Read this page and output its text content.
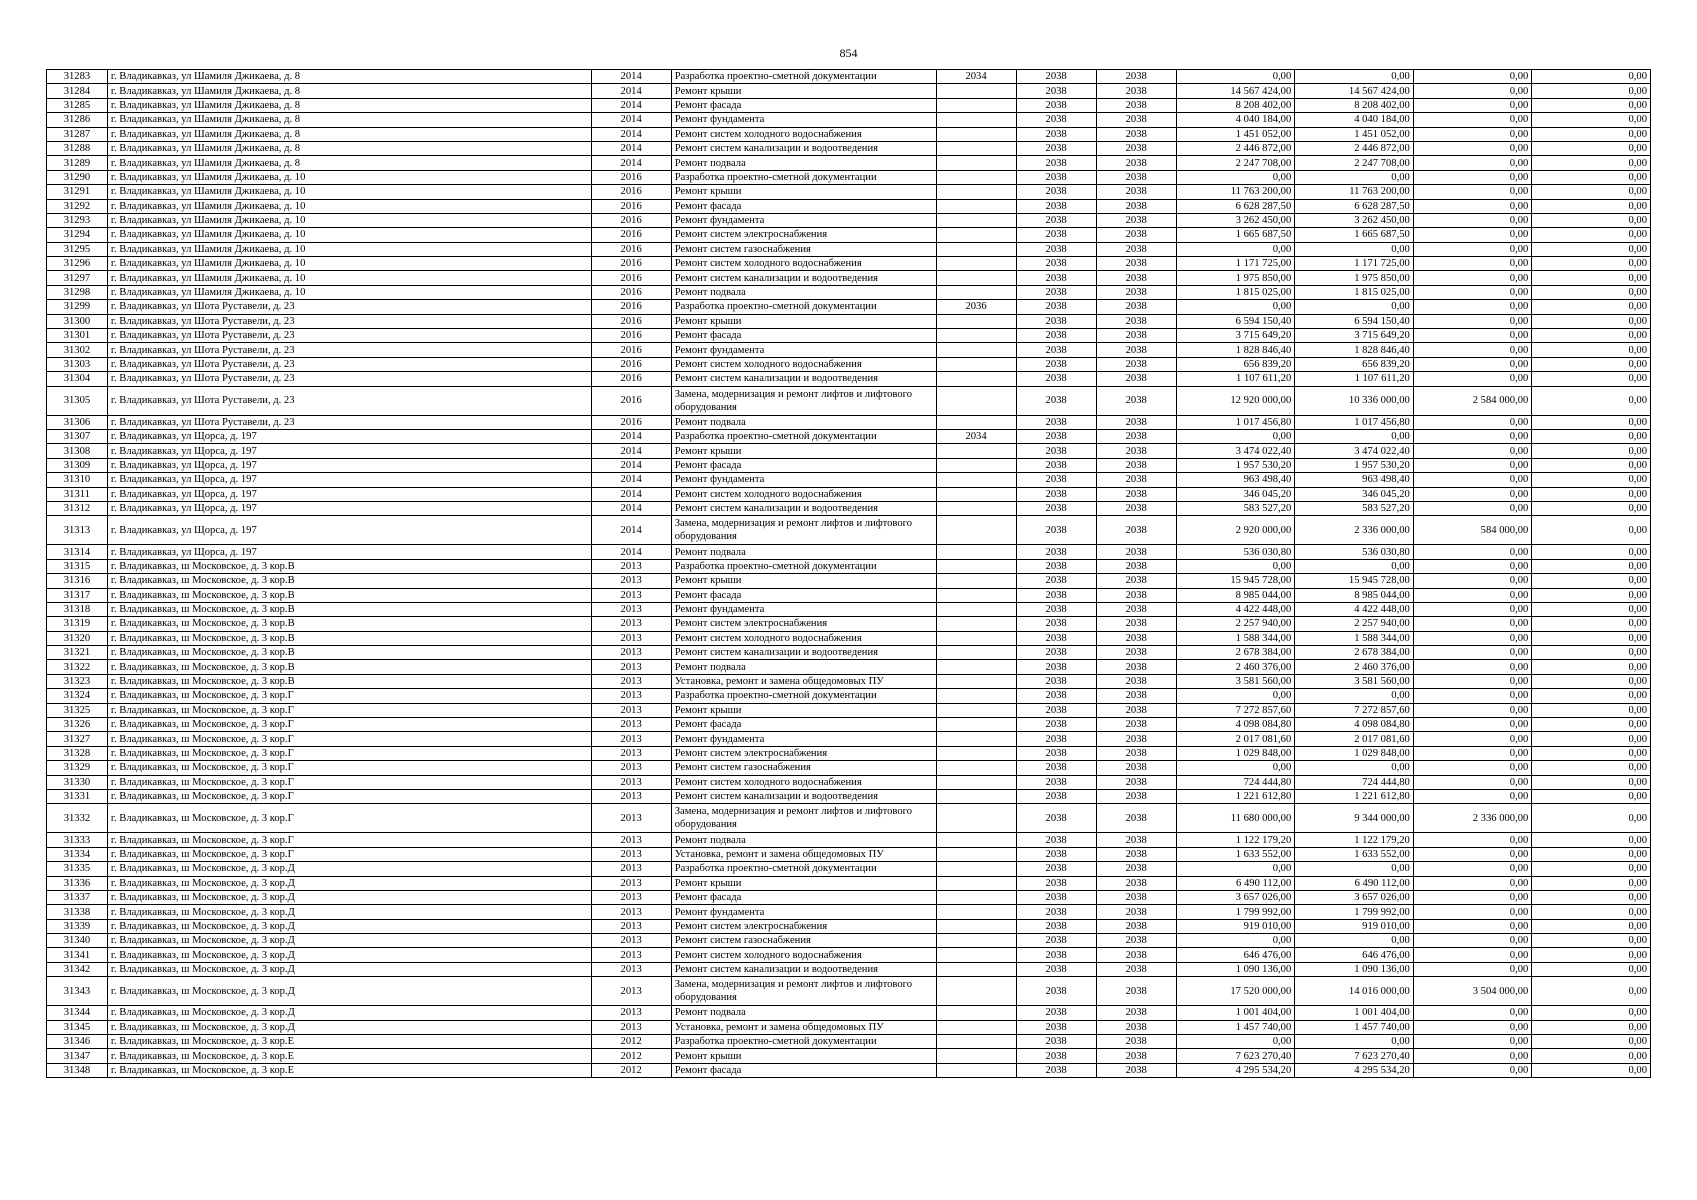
854
31283	г. Владикавказ, ул Шамиля Джикаева, д. 8	2014	Разработка проектно-сметной документации	2034	2038	2038	0,00	0,00	0,00	0,00
31284	г. Владикавказ, ул Шамиля Джикаева, д. 8	2014	Ремонт крыши		2038	2038	14 567 424,00	14 567 424,00	0,00	0,00
31285	г. Владикавказ, ул Шамиля Джикаева, д. 8	2014	Ремонт фасада		2038	2038	8 208 402,00	8 208 402,00	0,00	0,00
31286	г. Владикавказ, ул Шамиля Джикаева, д. 8	2014	Ремонт фундамента		2038	2038	4 040 184,00	4 040 184,00	0,00	0,00
31287	г. Владикавказ, ул Шамиля Джикаева, д. 8	2014	Ремонт систем холодного водоснабжения		2038	2038	1 451 052,00	1 451 052,00	0,00	0,00
31288	г. Владикавказ, ул Шамиля Джикаева, д. 8	2014	Ремонт систем канализации и водоотведения		2038	2038	2 446 872,00	2 446 872,00	0,00	0,00
31289	г. Владикавказ, ул Шамиля Джикаева, д. 8	2014	Ремонт подвала		2038	2038	2 247 708,00	2 247 708,00	0,00	0,00
31290	г. Владикавказ, ул Шамиля Джикаева, д. 10	2016	Разработка проектно-сметной документации		2038	2038	0,00	0,00	0,00	0,00
31291	г. Владикавказ, ул Шамиля Джикаева, д. 10	2016	Ремонт крыши		2038	2038	11 763 200,00	11 763 200,00	0,00	0,00
31292	г. Владикавказ, ул Шамиля Джикаева, д. 10	2016	Ремонт фасада		2038	2038	6 628 287,50	6 628 287,50	0,00	0,00
31293	г. Владикавказ, ул Шамиля Джикаева, д. 10	2016	Ремонт фундамента		2038	2038	3 262 450,00	3 262 450,00	0,00	0,00
31294	г. Владикавказ, ул Шамиля Джикаева, д. 10	2016	Ремонт систем электроснабжения		2038	2038	1 665 687,50	1 665 687,50	0,00	0,00
31295	г. Владикавказ, ул Шамиля Джикаева, д. 10	2016	Ремонт систем газоснабжения		2038	2038	0,00	0,00	0,00	0,00
31296	г. Владикавказ, ул Шамиля Джикаева, д. 10	2016	Ремонт систем холодного водоснабжения		2038	2038	1 171 725,00	1 171 725,00	0,00	0,00
31297	г. Владикавказ, ул Шамиля Джикаева, д. 10	2016	Ремонт систем канализации и водоотведения		2038	2038	1 975 850,00	1 975 850,00	0,00	0,00
31298	г. Владикавказ, ул Шамиля Джикаева, д. 10	2016	Ремонт подвала		2038	2038	1 815 025,00	1 815 025,00	0,00	0,00
31299	г. Владикавказ, ул Шота Руставели, д. 23	2016	Разработка проектно-сметной документации	2036	2038	2038	0,00	0,00	0,00	0,00
31300	г. Владикавказ, ул Шота Руставели, д. 23	2016	Ремонт крыши		2038	2038	6 594 150,40	6 594 150,40	0,00	0,00
31301	г. Владикавказ, ул Шота Руставели, д. 23	2016	Ремонт фасада		2038	2038	3 715 649,20	3 715 649,20	0,00	0,00
31302	г. Владикавказ, ул Шота Руставели, д. 23	2016	Ремонт фундамента		2038	2038	1 828 846,40	1 828 846,40	0,00	0,00
31303	г. Владикавказ, ул Шота Руставели, д. 23	2016	Ремонт систем холодного водоснабжения		2038	2038	656 839,20	656 839,20	0,00	0,00
31304	г. Владикавказ, ул Шота Руставели, д. 23	2016	Ремонт систем канализации и водоотведения		2038	2038	1 107 611,20	1 107 611,20	0,00	0,00
31305	г. Владикавказ, ул Шота Руставели, д. 23	2016	Замена, модернизация и ремонт лифтов и лифтового оборудования		2038	2038	12 920 000,00	10 336 000,00	2 584 000,00	0,00
31306	г. Владикавказ, ул Шота Руставели, д. 23	2016	Ремонт подвала		2038	2038	1 017 456,80	1 017 456,80	0,00	0,00
31307	г. Владикавказ, ул Щорса, д. 197	2014	Разработка проектно-сметной документации	2034	2038	2038	0,00	0,00	0,00	0,00
31308	г. Владикавказ, ул Щорса, д. 197	2014	Ремонт крыши		2038	2038	3 474 022,40	3 474 022,40	0,00	0,00
31309	г. Владикавказ, ул Щорса, д. 197	2014	Ремонт фасада		2038	2038	1 957 530,20	1 957 530,20	0,00	0,00
31310	г. Владикавказ, ул Щорса, д. 197	2014	Ремонт фундамента		2038	2038	963 498,40	963 498,40	0,00	0,00
31311	г. Владикавказ, ул Щорса, д. 197	2014	Ремонт систем холодного водоснабжения		2038	2038	346 045,20	346 045,20	0,00	0,00
31312	г. Владикавказ, ул Щорса, д. 197	2014	Ремонт систем канализации и водоотведения		2038	2038	583 527,20	583 527,20	0,00	0,00
31313	г. Владикавказ, ул Щорса, д. 197	2014	Замена, модернизация и ремонт лифтов и лифтового оборудования		2038	2038	2 920 000,00	2 336 000,00	584 000,00	0,00
31314	г. Владикавказ, ул Щорса, д. 197	2014	Ремонт подвала		2038	2038	536 030,80	536 030,80	0,00	0,00
31315	г. Владикавказ, ш Московское, д. 3 кор.В	2013	Разработка проектно-сметной документации		2038	2038	0,00	0,00	0,00	0,00
31316	г. Владикавказ, ш Московское, д. 3 кор.В	2013	Ремонт крыши		2038	2038	15 945 728,00	15 945 728,00	0,00	0,00
31317	г. Владикавказ, ш Московское, д. 3 кор.В	2013	Ремонт фасада		2038	2038	8 985 044,00	8 985 044,00	0,00	0,00
31318	г. Владикавказ, ш Московское, д. 3 кор.В	2013	Ремонт фундамента		2038	2038	4 422 448,00	4 422 448,00	0,00	0,00
31319	г. Владикавказ, ш Московское, д. 3 кор.В	2013	Ремонт систем электроснабжения		2038	2038	2 257 940,00	2 257 940,00	0,00	0,00
31320	г. Владикавказ, ш Московское, д. 3 кор.В	2013	Ремонт систем холодного водоснабжения		2038	2038	1 588 344,00	1 588 344,00	0,00	0,00
31321	г. Владикавказ, ш Московское, д. 3 кор.В	2013	Ремонт систем канализации и водоотведения		2038	2038	2 678 384,00	2 678 384,00	0,00	0,00
31322	г. Владикавказ, ш Московское, д. 3 кор.В	2013	Ремонт подвала		2038	2038	2 460 376,00	2 460 376,00	0,00	0,00
31323	г. Владикавказ, ш Московское, д. 3 кор.В	2013	Установка, ремонт и замена общедомовых ПУ		2038	2038	3 581 560,00	3 581 560,00	0,00	0,00
31324	г. Владикавказ, ш Московское, д. 3 кор.Г	2013	Разработка проектно-сметной документации		2038	2038	0,00	0,00	0,00	0,00
31325	г. Владикавказ, ш Московское, д. 3 кор.Г	2013	Ремонт крыши		2038	2038	7 272 857,60	7 272 857,60	0,00	0,00
31326	г. Владикавказ, ш Московское, д. 3 кор.Г	2013	Ремонт фасада		2038	2038	4 098 084,80	4 098 084,80	0,00	0,00
31327	г. Владикавказ, ш Московское, д. 3 кор.Г	2013	Ремонт фундамента		2038	2038	2 017 081,60	2 017 081,60	0,00	0,00
31328	г. Владикавказ, ш Московское, д. 3 кор.Г	2013	Ремонт систем электроснабжения		2038	2038	1 029 848,00	1 029 848,00	0,00	0,00
31329	г. Владикавказ, ш Московское, д. 3 кор.Г	2013	Ремонт систем газоснабжения		2038	2038	0,00	0,00	0,00	0,00
31330	г. Владикавказ, ш Московское, д. 3 кор.Г	2013	Ремонт систем холодного водоснабжения		2038	2038	724 444,80	724 444,80	0,00	0,00
31331	г. Владикавказ, ш Московское, д. 3 кор.Г	2013	Ремонт систем канализации и водоотведения		2038	2038	1 221 612,80	1 221 612,80	0,00	0,00
31332	г. Владикавказ, ш Московское, д. 3 кор.Г	2013	Замена, модернизация и ремонт лифтов и лифтового оборудования		2038	2038	11 680 000,00	9 344 000,00	2 336 000,00	0,00
31333	г. Владикавказ, ш Московское, д. 3 кор.Г	2013	Ремонт подвала		2038	2038	1 122 179,20	1 122 179,20	0,00	0,00
31334	г. Владикавказ, ш Московское, д. 3 кор.Г	2013	Установка, ремонт и замена общедомовых ПУ		2038	2038	1 633 552,00	1 633 552,00	0,00	0,00
31335	г. Владикавказ, ш Московское, д. 3 кор.Д	2013	Разработка проектно-сметной документации		2038	2038	0,00	0,00	0,00	0,00
31336	г. Владикавказ, ш Московское, д. 3 кор.Д	2013	Ремонт крыши		2038	2038	6 490 112,00	6 490 112,00	0,00	0,00
31337	г. Владикавказ, ш Московское, д. 3 кор.Д	2013	Ремонт фасада		2038	2038	3 657 026,00	3 657 026,00	0,00	0,00
31338	г. Владикавказ, ш Московское, д. 3 кор.Д	2013	Ремонт фундамента		2038	2038	1 799 992,00	1 799 992,00	0,00	0,00
31339	г. Владикавказ, ш Московское, д. 3 кор.Д	2013	Ремонт систем электроснабжения		2038	2038	919 010,00	919 010,00	0,00	0,00
31340	г. Владикавказ, ш Московское, д. 3 кор.Д	2013	Ремонт систем газоснабжения		2038	2038	0,00	0,00	0,00	0,00
31341	г. Владикавказ, ш Московское, д. 3 кор.Д	2013	Ремонт систем холодного водоснабжения		2038	2038	646 476,00	646 476,00	0,00	0,00
31342	г. Владикавказ, ш Московское, д. 3 кор.Д	2013	Ремонт систем канализации и водоотведения		2038	2038	1 090 136,00	1 090 136,00	0,00	0,00
31343	г. Владикавказ, ш Московское, д. 3 кор.Д	2013	Замена, модернизация и ремонт лифтов и лифтового оборудования		2038	2038	17 520 000,00	14 016 000,00	3 504 000,00	0,00
31344	г. Владикавказ, ш Московское, д. 3 кор.Д	2013	Ремонт подвала		2038	2038	1 001 404,00	1 001 404,00	0,00	0,00
31345	г. Владикавказ, ш Московское, д. 3 кор.Д	2013	Установка, ремонт и замена общедомовых ПУ		2038	2038	1 457 740,00	1 457 740,00	0,00	0,00
31346	г. Владикавказ, ш Московское, д. 3 кор.Е	2012	Разработка проектно-сметной документации		2038	2038	0,00	0,00	0,00	0,00
31347	г. Владикавказ, ш Московское, д. 3 кор.Е	2012	Ремонт крыши		2038	2038	7 623 270,40	7 623 270,40	0,00	0,00
31348	г. Владикавказ, ш Московское, д. 3 кор.Е	2012	Ремонт фасада		2038	2038	4 295 534,20	4 295 534,20	0,00	0,00
